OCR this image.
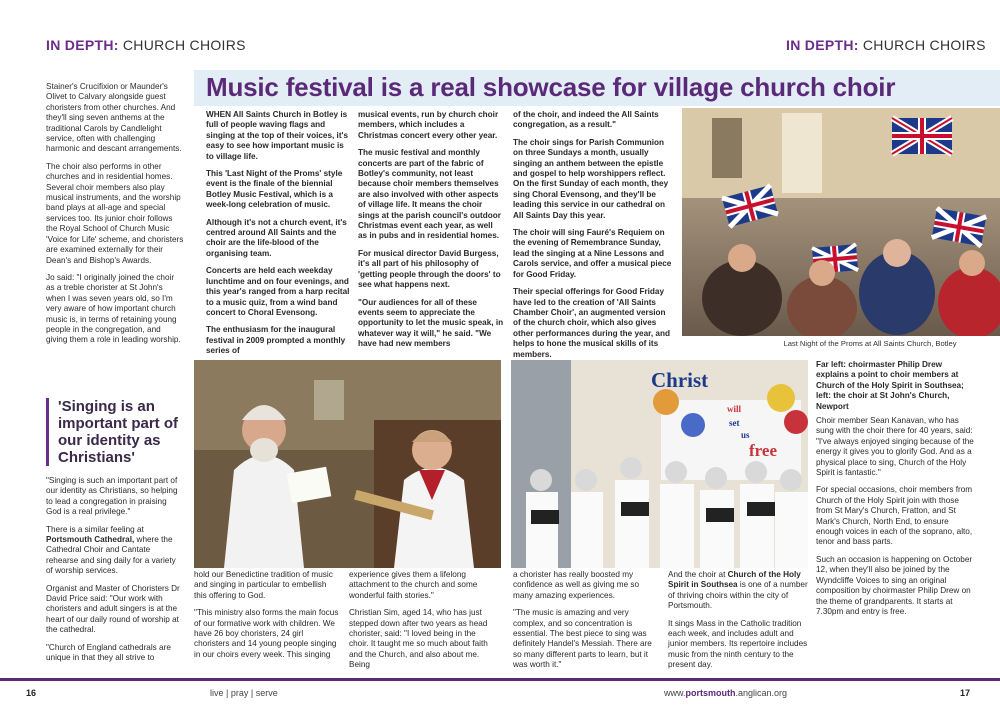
IN DEPTH: CHURCH CHOIRS	IN DEPTH: CHURCH CHOIRS

Stainer's Crucifixion or Maunder's Olivet to Calvary alongside guest choristers from other churches. And they'll sing seven anthems at the traditional Carols by Candlelight service, often with challenging harmonic and descant arrangements.

The choir also performs in other churches and in residential homes. Several choir members also play musical instruments, and the worship band plays at all-age and special services too. Its junior choir follows the Royal School of Church Music 'Voice for Life' scheme, and choristers are examined externally for their Dean's and Bishop's Awards.

Jo said: "I originally joined the choir as a treble chorister at St John's when I was seven years old, so I'm very aware of how important church music is, in terms of retaining young people in the congregation, and giving them a role in leading worship.

'Singing is an important part of our identity as Christians'

"Singing is such an important part of our identity as Christians, so helping to lead a congregation in praising God is a real privilege."

There is a similar feeling at Portsmouth Cathedral, where the Cathedral Choir and Cantate rehearse and sing daily for a variety of worship services.

Organist and Master of Choristers Dr David Price said: "Our work with choristers and adult singers is at the heart of our daily round of worship at the cathedral.

"Church of England cathedrals are unique in that they all strive to

Music festival is a real showcase for village church choir

WHEN All Saints Church in Botley is full of people waving flags and singing at the top of their voices, it's easy to see how important music is to village life.

This 'Last Night of the Proms' style event is the finale of the biennial Botley Music Festival, which is a week-long celebration of music.

Although it's not a church event, it's centred around All Saints and the choir are the life-blood of the organising team.

Concerts are held each weekday lunchtime and on four evenings, and this year's ranged from a harp recital to a music quiz, from a wind band concert to Choral Evensong.

The enthusiasm for the inaugural festival in 2009 prompted a monthly series of

musical events, run by church choir members, which includes a Christmas concert every other year.

The music festival and monthly concerts are part of the fabric of Botley's community, not least because choir members themselves are also involved with other aspects of village life. It means the choir sings at the parish council's outdoor Christmas event each year, as well as in pubs and in residential homes.

For musical director David Burgess, it's all part of his philosophy of 'getting people through the doors' to see what happens next.

"Our audiences for all of these events seem to appreciate the opportunity to let the music speak, in whatever way it will," he said. "We have had new members

of the choir, and indeed the All Saints congregation, as a result."

The choir sings for Parish Communion on three Sundays a month, usually singing an anthem between the epistle and gospel to help worshippers reflect. On the first Sunday of each month, they sing Choral Evensong, and they'll be leading this service in our cathedral on All Saints Day this year.

The choir will sing Fauré's Requiem on the evening of Remembrance Sunday, lead the singing at a Nine Lessons and Carols service, and offer a musical piece for Good Friday.

Their special offerings for Good Friday have led to the creation of 'All Saints Chamber Choir', an augmented version of the church choir, which also gives other performances during the year, and helps to hone the musical skills of its members.

Last Night of the Proms at All Saints Church, Botley
Christ
will
set
us
free

hold our Benedictine tradition of music and singing in particular to embellish this offering to God.

"This ministry also forms the main focus of our formative work with children. We have 26 boy choristers, 24 girl choristers and 14 young people singing in our choirs every week. This singing

experience gives them a lifelong attachment to the church and some wonderful faith stories."

Christian Sim, aged 14, who has just stepped down after two years as head chorister, said: "I loved being in the choir. It taught me so much about faith and the Church, and also about me. Being

a chorister has really boosted my confidence as well as giving me so many amazing experiences.

"The music is amazing and very complex, and so concentration is essential. The best piece to sing was definitely Handel's Messiah. There are so many different parts to learn, but it was worth it."

And the choir at Church of the Holy Spirit in Southsea is one of a number of thriving choirs within the city of Portsmouth.

It sings Mass in the Catholic tradition each week, and includes adult and junior members. Its repertoire includes music from the ninth century to the present day.

Far left: choirmaster Philip Drew explains a point to choir members at Church of the Holy Spirit in Southsea; left: the choir at St John's Church, Newport

Choir member Sean Kanavan, who has sung with the choir there for 40 years, said: "I've always enjoyed singing because of the energy it gives you to glorify God. And as a physical place to sing, Church of the Holy Spirit is fantastic."

For special occasions, choir members from Church of the Holy Spirit join with those from St Mary's Church, Fratton, and St Mark's Church, North End, to ensure enough voices in each of the soprano, alto, tenor and bass parts.

Such an occasion is happening on October 12, when they'll also be joined by the Wyndcliffe Voices to sing an original composition by choirmaster Philip Drew on the theme of grandparents. It starts at 7.30pm and entry is free.

16	live | pray | serve	www.portsmouth.anglican.org	17
